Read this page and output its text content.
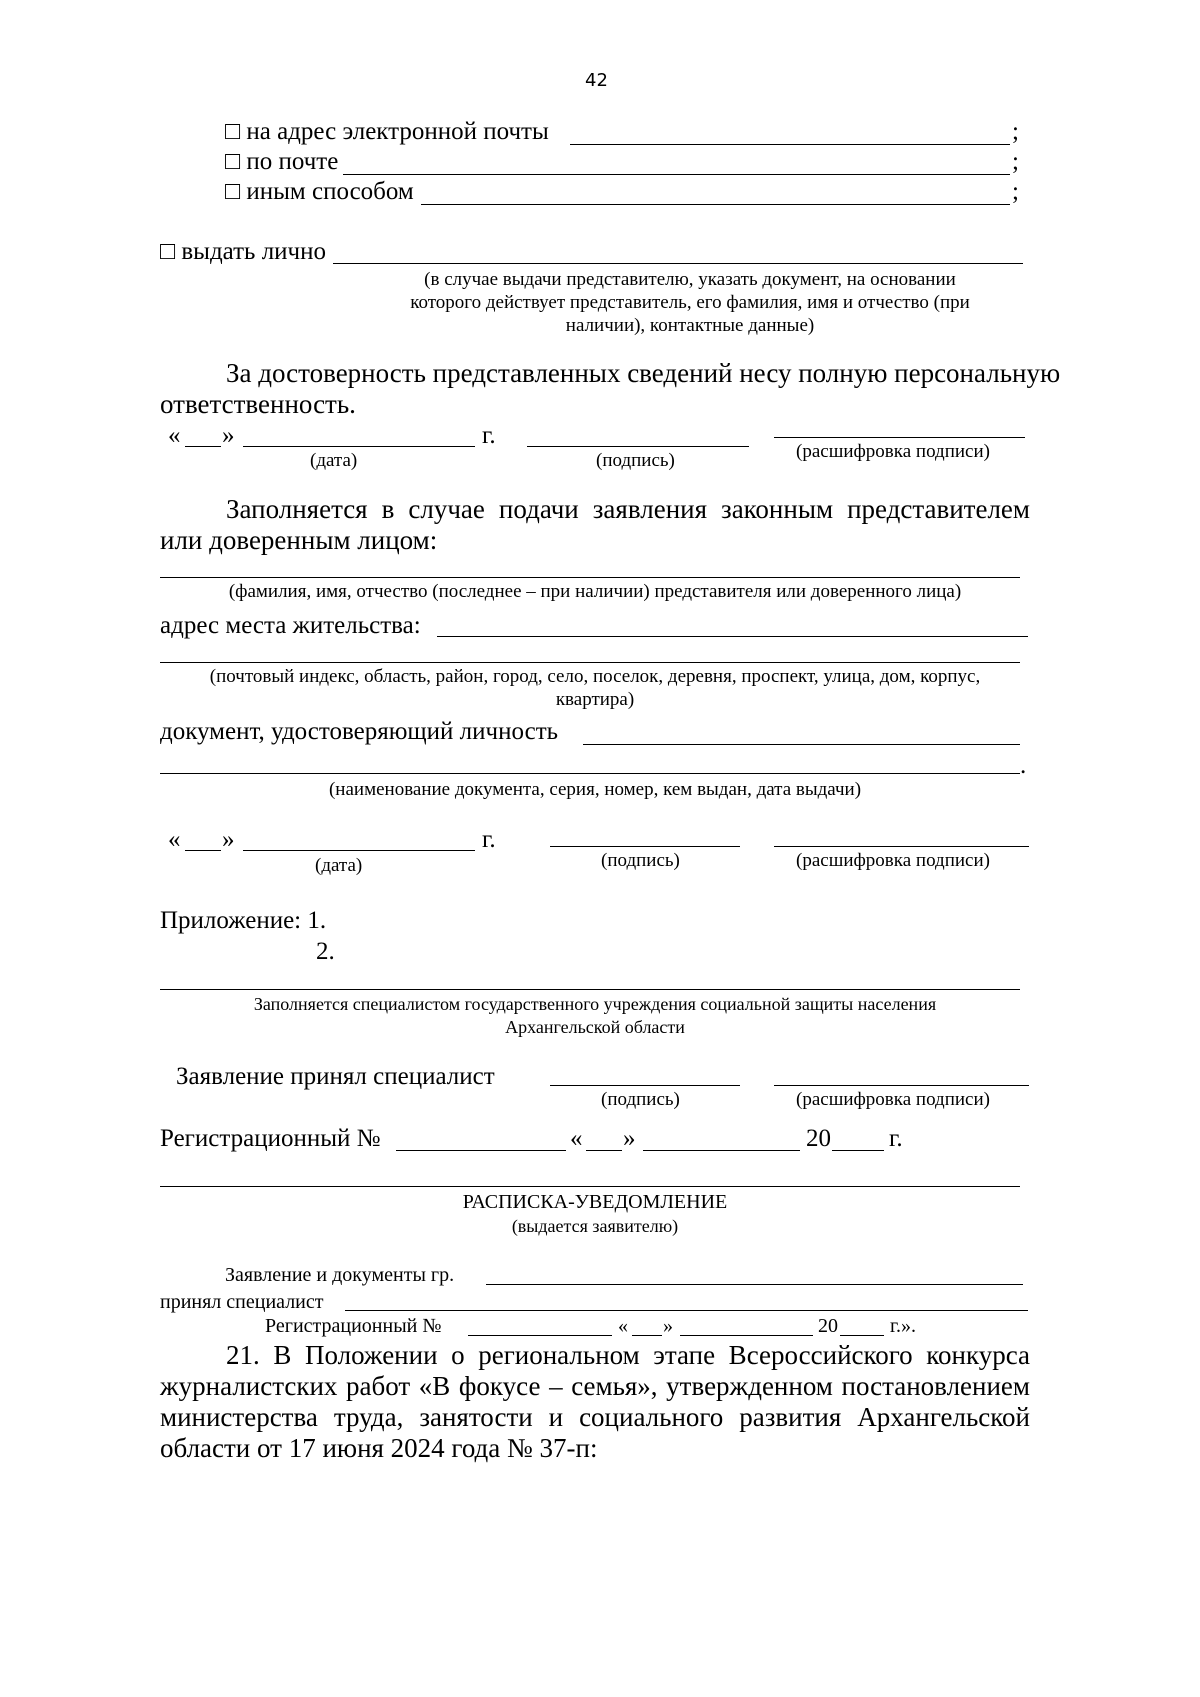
42
□ на адрес электронной почты	;
□ по почте	;
□ иным способом	;
□ выдать лично
(в случае выдачи представителю, указать документ, на основании
которого действует представитель, его фамилия, имя и отчество (при
наличии), контактные данные)
За достоверность представленных сведений несу полную персональную
ответственность.
« »	г.
(дата)	(подпись)	(расшифровка подписи)
Заполняется в случае подачи заявления законным представителем
или доверенным лицом:
(фамилия, имя, отчество (последнее – при наличии) представителя или доверенного лица)
адрес места жительства:
(почтовый индекс, область, район, город, село, поселок, деревня, проспект, улица, дом, корпус,
квартира)
документ, удостоверяющий личность
.
(наименование документа, серия, номер, кем выдан, дата выдачи)
« »	г.
(дата)	(подпись)	(расшифровка подписи)
Приложение: 1.
2.
Заполняется специалистом государственного учреждения социальной защиты населения
Архангельской области
Заявление принял специалист
(подпись)	(расшифровка подписи)
Регистрационный №	« »	20 г.
РАСПИСКА-УВЕДОМЛЕНИЕ
(выдается заявителю)
Заявление и документы гр.
принял специалист
Регистрационный №	« »	20	г.».
21. В Положении о региональном этапе Всероссийского конкурса
журналистских работ «В фокусе – семья», утвержденном постановлением
министерства труда, занятости и социального развития Архангельской
области от 17 июня 2024 года № 37-п:
